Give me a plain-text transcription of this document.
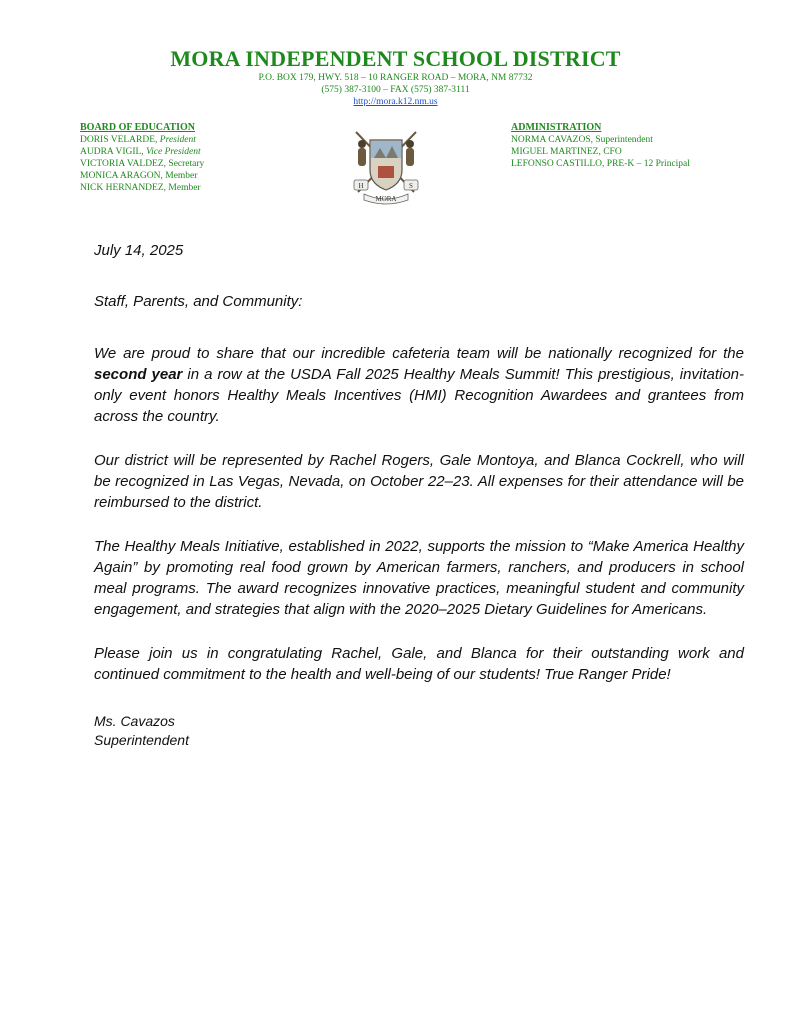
MORA INDEPENDENT SCHOOL DISTRICT
P.O. BOX 179, HWY. 518 – 10 RANGER ROAD – MORA, NM 87732
(575) 387-3100 – FAX (575) 387-3111
http://mora.k12.nm.us
BOARD OF EDUCATION
DORIS VELARDE, President
AUDRA VIGIL, Vice President
VICTORIA VALDEZ, Secretary
MONICA ARAGON, Member
NICK HERNANDEZ, Member	H	S
MORA
ADMINISTRATION
NORMA CAVAZOS, Superintendent
MIGUEL MARTINEZ, CFO
LEFONSO CASTILLO, PRE-K – 12 Principal
July 14, 2025
Staff, Parents, and Community:

We are proud to share that our incredible cafeteria team will be nationally recognized for the second year in a row at the USDA Fall 2025 Healthy Meals Summit! This prestigious, invitation-only event honors Healthy Meals Incentives (HMI) Recognition Awardees and grantees from across the country.

Our district will be represented by Rachel Rogers, Gale Montoya, and Blanca Cockrell, who will be recognized in Las Vegas, Nevada, on October 22–23. All expenses for their attendance will be reimbursed to the district.

The Healthy Meals Initiative, established in 2022, supports the mission to “Make America Healthy Again” by promoting real food grown by American farmers, ranchers, and producers in school meal programs. The award recognizes innovative practices, meaningful student and community engagement, and strategies that align with the 2020–2025 Dietary Guidelines for Americans.

Please join us in congratulating Rachel, Gale, and Blanca for their outstanding work and continued commitment to the health and well-being of our students! True Ranger Pride!

Ms. Cavazos
Superintendent
